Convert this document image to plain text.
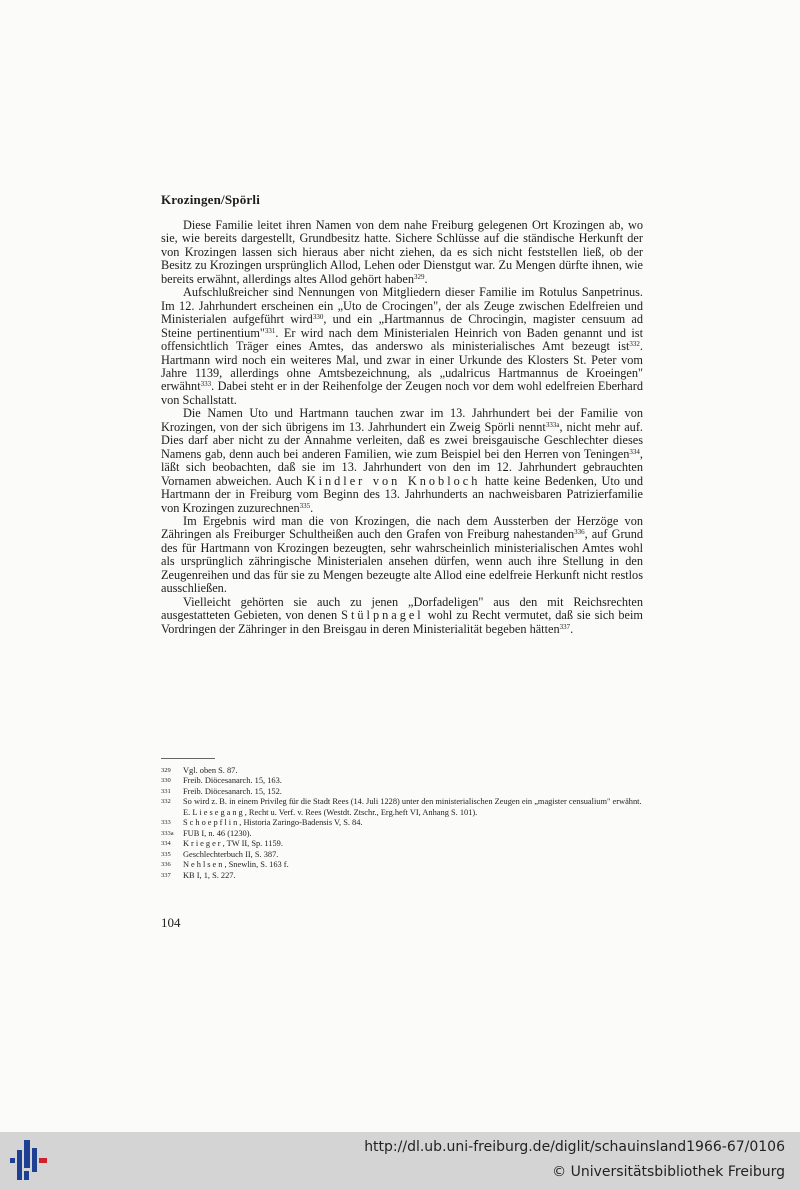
Krozingen/Spörli

Diese Familie leitet ihren Namen von dem nahe Freiburg gelegenen Ort Krozingen ab, wo sie, wie bereits dargestellt, Grundbesitz hatte. Sichere Schlüsse auf die ständische Herkunft der von Krozingen lassen sich hieraus aber nicht ziehen, da es sich nicht feststellen ließ, ob der Besitz zu Krozingen ursprünglich Allod, Lehen oder Dienstgut war. Zu Mengen dürfte ihnen, wie bereits erwähnt, allerdings altes Allod gehört haben$^{329}$.

Aufschlußreicher sind Nennungen von Mitgliedern dieser Familie im Rotulus Sanpetrinus. Im 12. Jahrhundert erscheinen ein „Uto de Crocingen", der als Zeuge zwischen Edelfreien und Ministerialen aufgeführt wird$^{330}$, und ein „Hartmannus de Chrocingin, magister censuum ad Steine pertinentium"$^{331}$. Er wird nach dem Ministerialen Heinrich von Baden genannt und ist offensichtlich Träger eines Amtes, das anderswo als ministerialisches Amt bezeugt ist$^{332}$. Hartmann wird noch ein weiteres Mal, und zwar in einer Urkunde des Klosters St. Peter vom Jahre 1139, allerdings ohne Amtsbezeichnung, als „udalricus Hartmannus de Kroeingen" erwähnt$^{333}$. Dabei steht er in der Reihenfolge der Zeugen noch vor dem wohl edelfreien Eberhard von Schallstatt.

Die Namen Uto und Hartmann tauchen zwar im 13. Jahrhundert bei der Familie von Krozingen, von der sich übrigens im 13. Jahrhundert ein Zweig Spörli nennt$^{333a}$, nicht mehr auf. Dies darf aber nicht zu der Annahme verleiten, daß es zwei breisgauische Geschlechter dieses Namens gab, denn auch bei anderen Familien, wie zum Beispiel bei den Herren von Teningen$^{334}$, läßt sich beobachten, daß sie im 13. Jahrhundert von den im 12. Jahrhundert gebrauchten Vornamen abweichen. Auch Kindler von Knobloch hatte keine Bedenken, Uto und Hartmann der in Freiburg vom Beginn des 13. Jahrhunderts an nachweisbaren Patrizierfamilie von Krozingen zuzurechnen$^{335}$.

Im Ergebnis wird man die von Krozingen, die nach dem Aussterben der Herzöge von Zähringen als Freiburger Schultheißen auch den Grafen von Freiburg nahestanden$^{336}$, auf Grund des für Hartmann von Krozingen bezeugten, sehr wahrscheinlich ministerialischen Amtes wohl als ursprünglich zähringische Ministerialen ansehen dürfen, wenn auch ihre Stellung in den Zeugenreihen und das für sie zu Mengen bezeugte alte Allod eine edelfreie Herkunft nicht restlos ausschließen.

Vielleicht gehörten sie auch zu jenen „Dorfadeligen" aus den mit Reichsrechten ausgestatteten Gebieten, von denen Stülpnagel wohl zu Recht vermutet, daß sie sich beim Vordringen der Zähringer in den Breisgau in deren Ministerialität begeben hätten$^{337}$.

329	Vgl. oben S. 87.
330	Freib. Diöcesanarch. 15, 163.
331	Freib. Diöcesanarch. 15, 152.
332	So wird z. B. in einem Privileg für die Stadt Rees (14. Juli 1228) unter den ministerialischen Zeugen ein „magister censualium" erwähnt. E. Liesegang, Recht u. Verf. v. Rees (Westdt. Ztschr., Erg.heft VI, Anhang S. 101).
333	Schoepflin, Historia Zaringo-Badensis V, S. 84.
333a	FUB I, n. 46 (1230).
334	Krieger, TW II, Sp. 1159.
335	Geschlechterbuch II, S. 387.
336	Nehlsen, Snewlin, S. 163 f.
337	KB I, 1, S. 227.
104
http://dl.ub.uni-freiburg.de/diglit/schauinsland1966-67/0106
© Universitätsbibliothek Freiburg
